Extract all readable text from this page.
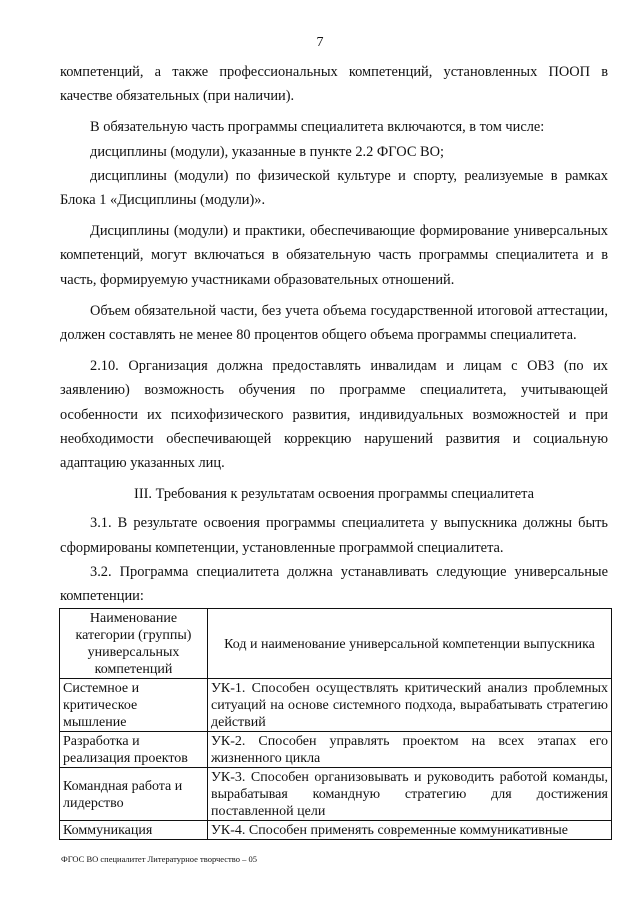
7

компетенций, а также профессиональных компетенций, установленных ПООП в качестве обязательных (при наличии).

В обязательную часть программы специалитета включаются, в том числе:

дисциплины (модули), указанные в пункте 2.2 ФГОС ВО;

дисциплины (модули) по физической культуре и спорту, реализуемые в рамках Блока 1 «Дисциплины (модули)».

Дисциплины (модули) и практики, обеспечивающие формирование универсальных компетенций, могут включаться в обязательную часть программы специалитета и в часть, формируемую участниками образовательных отношений.

Объем обязательной части, без учета объема государственной итоговой аттестации, должен составлять не менее 80 процентов общего объема программы специалитета.

2.10. Организация должна предоставлять инвалидам и лицам с ОВЗ (по их заявлению) возможность обучения по программе специалитета, учитывающей особенности их психофизического развития, индивидуальных возможностей и при необходимости обеспечивающей коррекцию нарушений развития и социальную адаптацию указанных лиц.

III. Требования к результатам освоения программы специалитета

3.1. В результате освоения программы специалитета у выпускника должны быть сформированы компетенции, установленные программой специалитета.

3.2. Программа специалитета должна устанавливать следующие универсальные компетенции:

Наименование категории (группы) универсальных компетенций	Код и наименование универсальной компетенции выпускника
Системное и критическое мышление	УК-1. Способен осуществлять критический анализ проблемных ситуаций на основе системного подхода, вырабатывать стратегию действий
Разработка и реализация проектов	УК-2. Способен управлять проектом на всех этапах его жизненного цикла
Командная работа и лидерство	УК-3. Способен организовывать и руководить работой команды, вырабатывая командную стратегию для достижения поставленной цели
Коммуникация	УК-4. Способен применять современные коммуникативные
ФГОС ВО специалитет Литературное творчество – 05
